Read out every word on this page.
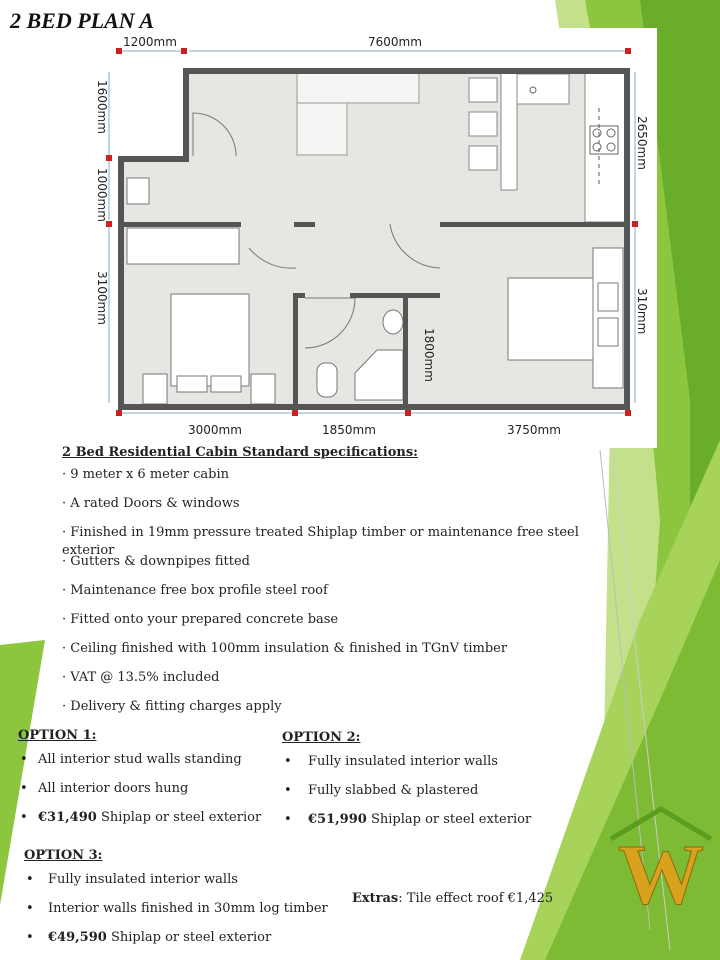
2 BED PLAN A
1200mm	7600mm
3000mm	1850mm	3750mm
1600mm
1000mm
3100mm
2650mm
310mm
1800mm
2 Bed Residential Cabin Standard specifications:
· 9 meter x 6 meter cabin
· A rated Doors & windows
· Finished in 19mm pressure treated Shiplap timber or maintenance free steel exterior
· Gutters & downpipes fitted
· Maintenance free box profile steel roof
· Fitted onto your prepared concrete base
· Ceiling finished with 100mm insulation & finished in TGnV timber
· VAT @ 13.5% included
· Delivery & fitting charges apply
OPTION 1:
• All interior stud walls standing
• All interior doors hung
• €31,490 Shiplap or steel exterior
OPTION 2:
• Fully insulated interior walls
• Fully slabbed & plastered
• €51,990 Shiplap or steel exterior
OPTION 3:
• Fully insulated interior walls
• Interior walls finished in 30mm log timber
• €49,590 Shiplap or steel exterior
Extras: Tile effect roof €1,425 W
